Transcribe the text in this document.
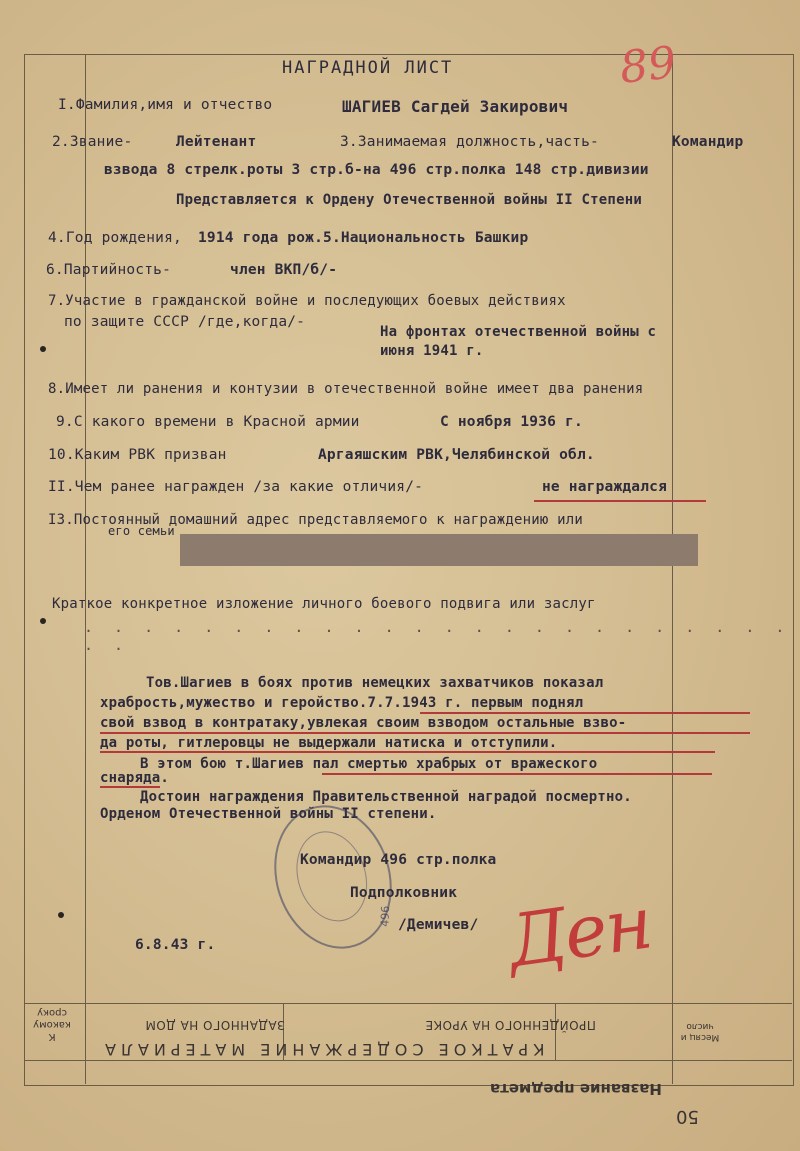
НАГРАДНОЙ ЛИСТ	89
I.Фамилия,имя и отчество	ШАГИЕВ Сагдей Закирович
2.Звание-	Лейтенант	3.Занимаемая должность,часть-	Командир
взвода 8 стрелк.роты 3 стр.б-на 496 стр.полка 148 стр.дивизии
Представляется к Ордену Отечественной войны II Степени
4.Год рождения, 1914 года рож.5.Национальность Башкир
6.Партийность-	член ВКП/б/-
7.Участие в гражданской войне и последующих боевых действиях
по защите СССР /где,когда/-
На фронтах отечественной войны с
июня 1941 г.
8.Имеет ли ранения и контузии в отечественной войне имеет два ранения
9.С какого времени в Красной армии	С ноября 1936 г.
10.Каким РВК призван	Аргаяшским РВК,Челябинской обл.
II.Чем ранее награжден /за какие отличия/-	не награждался
I3.Постоянный домашний адрес представляемого к награждению или
его семьи
Краткое конкретное изложение личного боевого подвига или заслуг
· · · · · · · · · · · · · · · · · · · · · · · · · ·
Тов.Шагиев в боях против немецких захватчиков показал
храбрость,мужество и геройство.7.7.1943 г. первым поднял
свой взвод в контратаку,увлекая своим взводом остальные взво-
да роты, гитлеровцы не выдержали натиска и отступили.
В этом бою т.Шагиев пал смертью храбрых от вражеского
снаряда.
Достоин награждения Правительственной наградой посмертно.
Орденом Отечественной войны II степени.
496
Командир 496 стр.полка
Подполковник
/Демичев/
6.8.43 г.	Ден
КРАТКОЕ СОДЕРЖАНИЕ МАТЕРИАЛА
Месяц и число
ПРОЙДЕННОГО НА УРОКЕ
ЗАДАННОГО НА ДОМ
К какому сроку
Название предмета
50
